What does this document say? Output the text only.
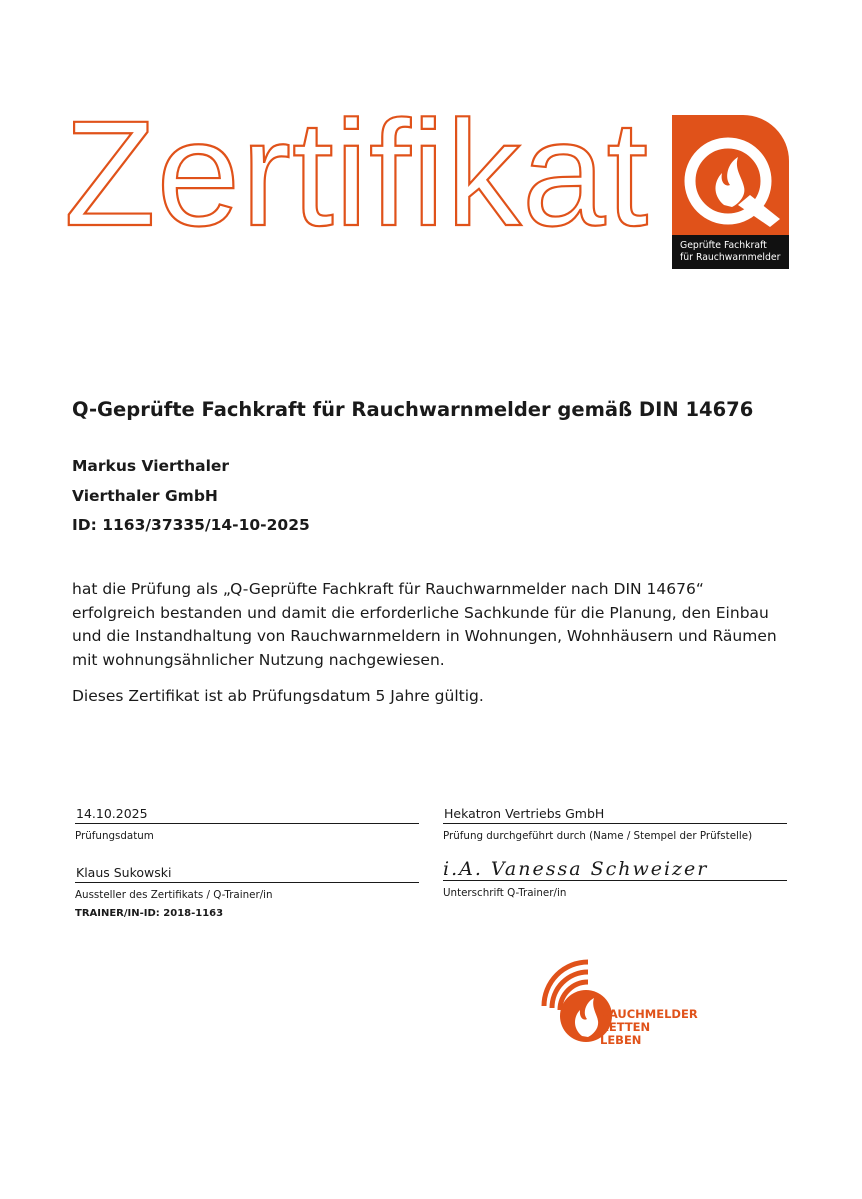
Zertifikat	Geprüfte Fachkraft
für Rauchwarnmelder
Q-Geprüfte Fachkraft für Rauchwarnmelder gemäß DIN 14676
Markus Vierthaler
Vierthaler GmbH
ID: 1163/37335/14-10-2025
hat die Prüfung als „Q-Geprüfte Fachkraft für Rauchwarnmelder nach DIN 14676“ erfolgreich bestanden und damit die erforderliche Sachkunde für die Planung, den Einbau und die Instandhaltung von Rauchwarnmeldern in Wohnungen, Wohnhäusern und Räumen mit wohnungsähnlicher Nutzung nachgewiesen.
Dieses Zertifikat ist ab Prüfungsdatum 5 Jahre gültig.
14.10.2025
Prüfungsdatum
Hekatron Vertriebs GmbH
Prüfung durchgeführt durch (Name / Stempel der Prüfstelle)
Klaus Sukowski
Aussteller des Zertifikats / Q-Trainer/in
i.A. Vanessa Schweizer
Unterschrift Q-Trainer/in
TRAINER/IN-ID: 2018-1163
RAUCHMELDER
RETTEN
LEBEN
